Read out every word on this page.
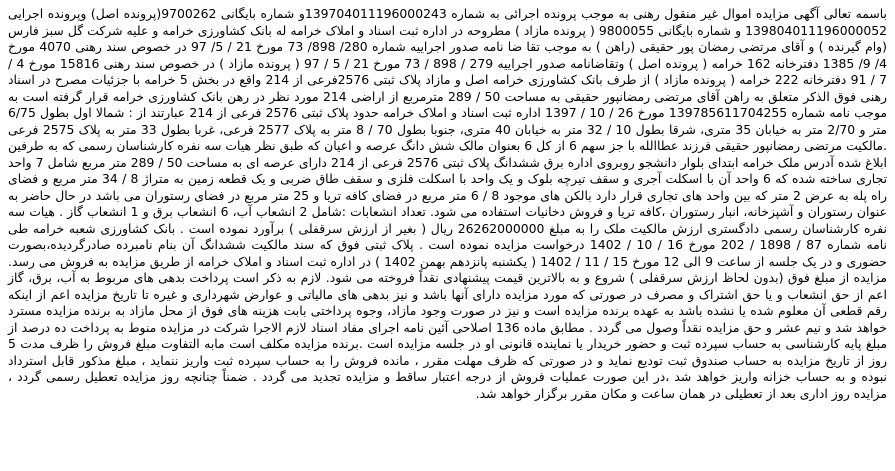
باسمه تعالی آگهی مزایده اموال غیر منقول رهنی به موجب پرونده اجرائی به شماره 139704011196000243و شماره بایگانی 9700262(پرونده اصل) وپرونده اجرایی 139804011196000052 و شماره بایگانی 9800055 ( پرونده مازاد ) مطروحه در اداره ثبت اسناد و املاک خرامه له بانک کشاورزی خرامه و علیه شرکت گل سبز فارس (وام گیرنده ) و آقای مرتضی رمضان پور حقیقی (راهن ) به موجب تقا ضا نامه صدور اجراییه شماره 280/ 898/ 73 مورخ 21 / 5/ 97 در خصوص سند رهنی 4070 مورخ 4/ 9/ 1385 دفترخانه 162 خرامه ( پرونده اصل ) وتقاضانامه صدور اجراییه 279 / 898 / 73 مورخ 21 / 5 / 97 ( پرونده مازاد ) در خصوص سند رهنی 15816 مورخ 4 / 7 / 91 دفترخانه 222 خرامه ( پرونده مازاد ) از طرف بانک کشاورزی خرامه اصل و مازاد پلاک ثبتی 2576فرعی از 214 واقع در بخش 5 خرامه با جزئیات مصرح در اسناد رهنی فوق الذکر متعلق به راهن آقای مرتضی رمضانپور حقیقی به مساحت 50 / 289 مترمربع از اراضی 214 مورد نظر در رهن بانک کشاورزی خرامه قرار گرفته است به موجب نامه شماره 139785611704255 مورخ 26 / 10 / 1397 اداره ثبت اسناد و املاک خرامه حدود پلاک ثبتی 2576 فرعی از 214 عبارتند از : شمالا اول بطول 6/75 متر و 2/70 متر به خیابان 35 متری، شرقا بطول 10 / 32 متر به خیابان 40 متری، جنوبا بطول 70 / 8 متر به پلاک 2577 فرعی، غربا بطول 33 متر به پلاک 2575 فرعی .مالکیت مرتضی رمضانپور حقیقی فرزند عطاالله با جز سهم 6 از کل 6 بعنوان مالک شش دانگ عرصه و اعیان که طبق نظر هیات سه نفره کارشناسان رسمی که به طرفین ابلاغ شده آدرس ملک خرامه ابتدای بلوار دانشجو روبروی اداره برق ششدانگ پلاک ثبتی 2576 فرعی از 214 دارای عرصه ای به مساحت 50 / 289 متر مربع شامل 7 واحد تجاری ساخته شده که 6 واحد آن با اسکلت آجری و سقف تیرچه بلوک و یک واحد با اسکلت فلزی و سقف طاق ضربی و یک قطعه زمین به متراژ 8 / 34 متر مربع و فضای راه پله به عرض 2 متر که بین واحد های تجاری قرار دارد بالکن های موجود 8 / 6 متر مربع در فضای کافه تریا و 25 متر مربع در فضای رستوران می باشد در حال حاضر به عنوان رستوران و آشپزخانه، انبار رستوران ،کافه تریا و فروش دخانیات استفاده می شود. تعداد انشعابات :شامل 2 انشعاب آب، 6 انشعاب برق و 1 انشعاب گاز . هیات سه نفره کارشناسان رسمی دادگستری ارزش مالکیت ملک را به مبلغ 26262000000 ریال ( بغیر از ارزش سرقفلی ) برآورد نموده است . بانک کشاورزی شعبه خرامه طی نامه شماره 87 / 1898 / 202 مورخ 16 / 10 / 1402 درخواست مزایده نموده است . پلاک ثبتی فوق که سند مالکیت ششدانگ آن بنام نامبرده صادرگردیده،بصورت حضوری و در یک جلسه از ساعت 9 الی 12 مورخ 15 / 11 / 1402 ( یکشنبه پانزدهم بهمن 1402 ) در اداره ثبت اسناد و املاک خرامه از طریق مزایده به فروش می رسد. مزایده از مبلغ فوق (بدون لحاظ ارزش سرقفلی ) شروع و به بالاترین قیمت پیشنهادی نقداً فروخته می شود. لازم به ذکر است پرداخت بدهی های مربوط به آب، برق، گاز اعم از حق انشعاب و یا حق اشتراک و مصرف در صورتی که مورد مزایده دارای آنها باشد و نیز بدهی های مالیاتی و عوارض شهرداری و غیره تا تاریخ مزایده اعم از اینکه رقم قطعی آن معلوم شده یا نشده باشد به عهده برنده مزایده است و نیز در صورت وجود مازاد، وجوه پرداختی بابت هزینه های فوق از محل مازاد به برنده مزایده مسترد خواهد شد و نیم عشر و حق مزایده نقداً وصول می گردد . مطابق ماده 136 اصلاحی آئین نامه اجرای مفاد اسناد لازم الاجرا شرکت در مزایده منوط به پرداخت ده درصد از مبلغ پایه کارشناسی به حساب سپرده ثبت و حضور خریدار یا نماینده قانونی او در جلسه مزایده است .برنده مزایده مکلف است مابه التفاوت مبلغ فروش را ظرف مدت 5 روز از تاریخ مزایده به حساب صندوق ثبت تودیع نماید و در صورتی که ظرف مهلت مقرر ، مانده فروش را به حساب سپرده ثبت واریز ننماید ، مبلغ مذکور قابل استرداد نبوده و به حساب خزانه واریز خواهد شد ،در این صورت عملیات فروش از درجه اعتبار ساقط و مزایده تجدید می گردد . ضمناً چنانچه روز مزایده تعطیل رسمی گردد ، مزایده روز اداری بعد از تعطیلی در همان ساعت و مکان مقرر برگزار خواهد شد.
